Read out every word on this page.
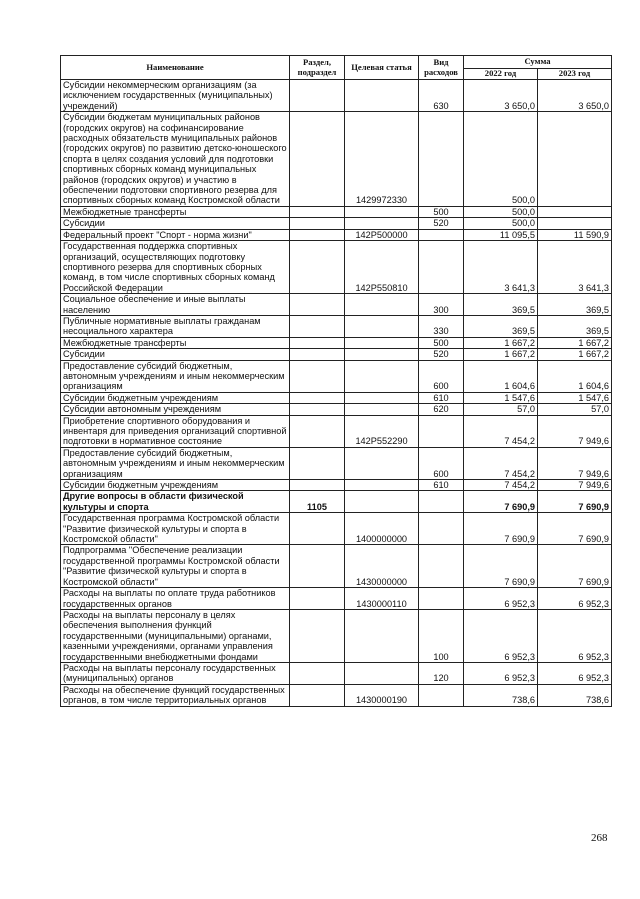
Наименование	Раздел, подраздел	Целевая статья	Вид расходов	Сумма	
				2022 год	2023 год
Субсидии некоммерческим организациям (за исключением государственных (муниципальных) учреждений)			630	3 650,0	3 650,0
Субсидии бюджетам муниципальных районов (городских округов) на софинансирование расходных обязательств муниципальных районов (городских округов) по развитию детско-юношеского спорта в целях создания условий для подготовки спортивных сборных команд муниципальных районов (городских округов) и участию в обеспечении подготовки спортивного резерва для спортивных сборных команд Костромской области		1429972330		500,0	
Межбюджетные трансферты			500	500,0	
Субсидии			520	500,0	
Федеральный проект "Спорт - норма жизни"		142Р500000		11 095,5	11 590,9
Государственная поддержка спортивных организаций, осуществляющих подготовку спортивного резерва для спортивных сборных команд, в том числе спортивных сборных команд Российской Федерации		142Р550810		3 641,3	3 641,3
Социальное обеспечение и иные выплаты населению			300	369,5	369,5
Публичные нормативные выплаты гражданам несоциального характера			330	369,5	369,5
Межбюджетные трансферты			500	1 667,2	1 667,2
Субсидии			520	1 667,2	1 667,2
Предоставление субсидий бюджетным, автономным учреждениям и иным некоммерческим организациям			600	1 604,6	1 604,6
Субсидии бюджетным учреждениям			610	1 547,6	1 547,6
Субсидии автономным учреждениям			620	57,0	57,0
Приобретение спортивного оборудования и инвентаря для приведения организаций спортивной подготовки в нормативное состояние		142Р552290		7 454,2	7 949,6
Предоставление субсидий бюджетным, автономным учреждениям и иным некоммерческим организациям			600	7 454,2	7 949,6
Субсидии бюджетным учреждениям			610	7 454,2	7 949,6
Другие вопросы в области физической культуры и спорта	1105			7 690,9	7 690,9
Государственная программа Костромской области "Развитие физической культуры и спорта в Костромской области"		1400000000		7 690,9	7 690,9
Подпрограмма "Обеспечение реализации государственной программы Костромской области "Развитие физической культуры и спорта в Костромской области"		1430000000		7 690,9	7 690,9
Расходы на выплаты по оплате труда работников государственных органов		1430000110		6 952,3	6 952,3
Расходы на выплаты персоналу в целях обеспечения выполнения функций государственными (муниципальными) органами, казенными учреждениями, органами управления государственными внебюджетными фондами			100	6 952,3	6 952,3
Расходы на выплаты персоналу государственных (муниципальных) органов			120	6 952,3	6 952,3
Расходы на обеспечение функций государственных органов, в том числе территориальных органов		1430000190		738,6	738,6
268
